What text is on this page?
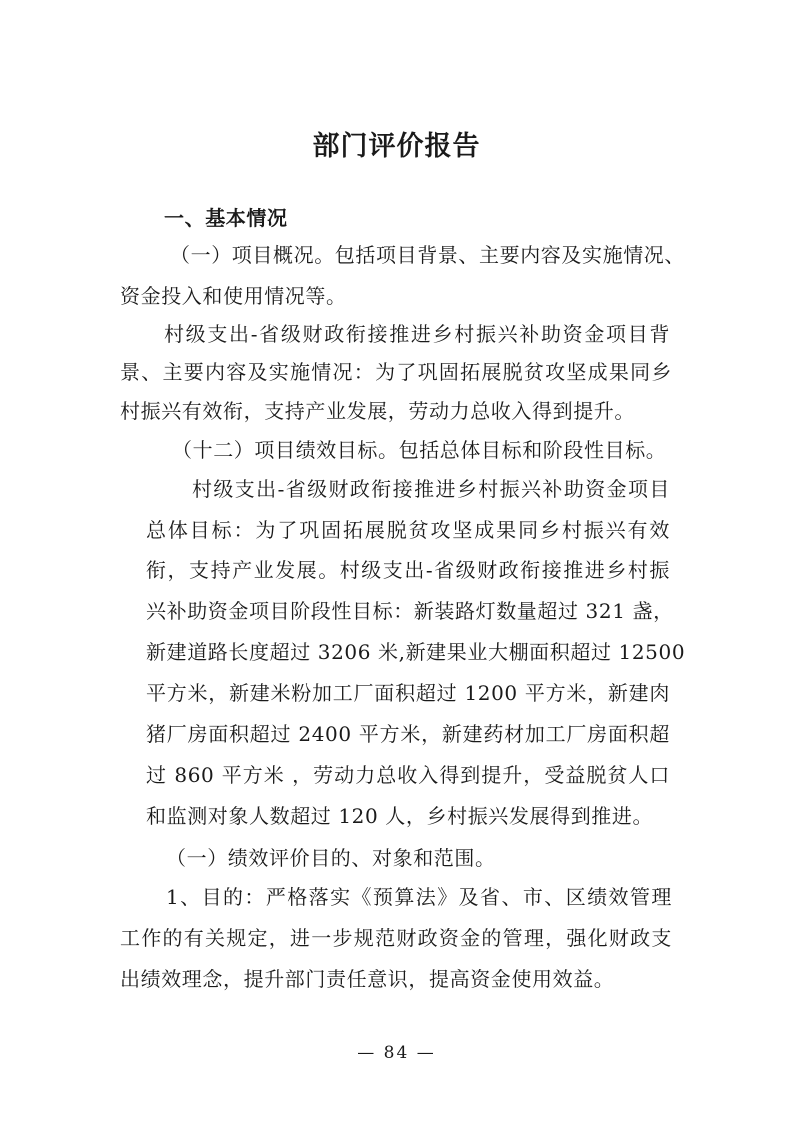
部门评价报告
一、基本情况
（一）项目概况。包括项目背景、主要内容及实施情况、
资金投入和使用情况等。
村级支出-省级财政衔接推进乡村振兴补助资金项目背
景、主要内容及实施情况：为了巩固拓展脱贫攻坚成果同乡
村振兴有效衔，支持产业发展，劳动力总收入得到提升。
（十二）项目绩效目标。包括总体目标和阶段性目标。
村级支出-省级财政衔接推进乡村振兴补助资金项目
总体目标：为了巩固拓展脱贫攻坚成果同乡村振兴有效
衔，支持产业发展。村级支出-省级财政衔接推进乡村振
兴补助资金项目阶段性目标：新装路灯数量超过 321 盏，
新建道路长度超过 3206 米,新建果业大棚面积超过 12500
平方米，新建米粉加工厂面积超过 1200 平方米，新建肉
猪厂房面积超过 2400 平方米，新建药材加工厂房面积超
过 860 平方米 ，劳动力总收入得到提升，受益脱贫人口
和监测对象人数超过 120 人，乡村振兴发展得到推进。
（一）绩效评价目的、对象和范围。
1、目的：严格落实《预算法》及省、市、区绩效管理
工作的有关规定，进一步规范财政资金的管理，强化财政支
出绩效理念，提升部门责任意识，提高资金使用效益。
— 84 —
